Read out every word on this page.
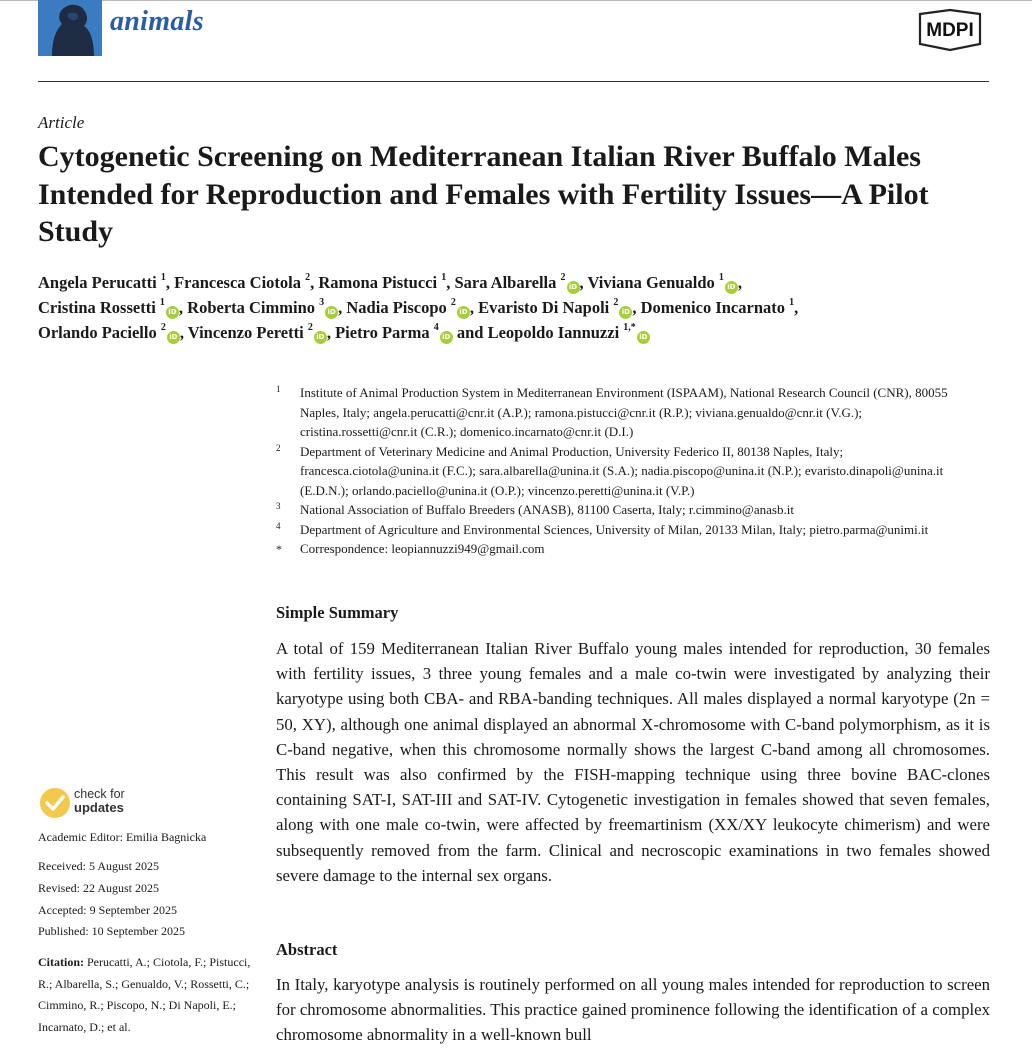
animals	MDPI
Article
Cytogenetic Screening on Mediterranean Italian River Buffalo Males Intended for Reproduction and Females with Fertility Issues—A Pilot Study
Angela Perucatti $^1$, Francesca Ciotola $^2$, Ramona Pistucci $^1$, Sara Albarella $^2$iD , Viviana Genualdo $^1$iD ,
Cristina Rossetti $^1$iD , Roberta Cimmino $^3$iD , Nadia Piscopo $^2$iD , Evaristo Di Napoli $^2$iD , Domenico Incarnato $^1$,
Orlando Paciello $^2$iD , Vincenzo Peretti $^2$iD , Pietro Parma $^4$iD and Leopoldo Iannuzzi $^{1,*}$iD
1 Institute of Animal Production System in Mediterranean Environment (ISPAAM), National Research Council (CNR), 80055 Naples, Italy; angela.perucatti@cnr.it (A.P.); ramona.pistucci@cnr.it (R.P.); viviana.genualdo@cnr.it (V.G.); cristina.rossetti@cnr.it (C.R.); domenico.incarnato@cnr.it (D.I.)
2 Department of Veterinary Medicine and Animal Production, University Federico II, 80138 Naples, Italy; francesca.ciotola@unina.it (F.C.); sara.albarella@unina.it (S.A.); nadia.piscopo@unina.it (N.P.); evaristo.dinapoli@unina.it (E.D.N.); orlando.paciello@unina.it (O.P.); vincenzo.peretti@unina.it (V.P.)
3 National Association of Buffalo Breeders (ANASB), 81100 Caserta, Italy; r.cimmino@anasb.it
4 Department of Agriculture and Environmental Sciences, University of Milan, 20133 Milan, Italy; pietro.parma@unimi.it
* Correspondence: leopiannuzzi949@gmail.com
Simple Summary
A total of 159 Mediterranean Italian River Buffalo young males intended for reproduction, 30 females with fertility issues, 3 three young females and a male co-twin were investigated by analyzing their karyotype using both CBA- and RBA-banding techniques. All males displayed a normal karyotype (2n = 50, XY), although one animal displayed an abnormal X-chromosome with C-band polymorphism, as it is C-band negative, when this chromosome normally shows the largest C-band among all chromosomes. This result was also confirmed by the FISH-mapping technique using three bovine BAC-clones containing SAT-I, SAT-III and SAT-IV. Cytogenetic investigation in females showed that seven females, along with one male co-twin, were affected by freemartinism (XX/XY leukocyte chimerism) and were subsequently removed from the farm. Clinical and necroscopic examinations in two females showed severe damage to the internal sex organs.
Abstract
In Italy, karyotype analysis is routinely performed on all young males intended for reproduction to screen for chromosome abnormalities. This practice gained prominence following the identification of a complex chromosome abnormality in a well-known bull
check for
updates
Academic Editor: Emilia Bagnicka
Received: 5 August 2025
Revised: 22 August 2025
Accepted: 9 September 2025
Published: 10 September 2025
Citation: Perucatti, A.; Ciotola, F.; Pistucci, R.; Albarella, S.; Genualdo, V.; Rossetti, C.; Cimmino, R.; Piscopo, N.; Di Napoli, E.; Incarnato, D.; et al.
